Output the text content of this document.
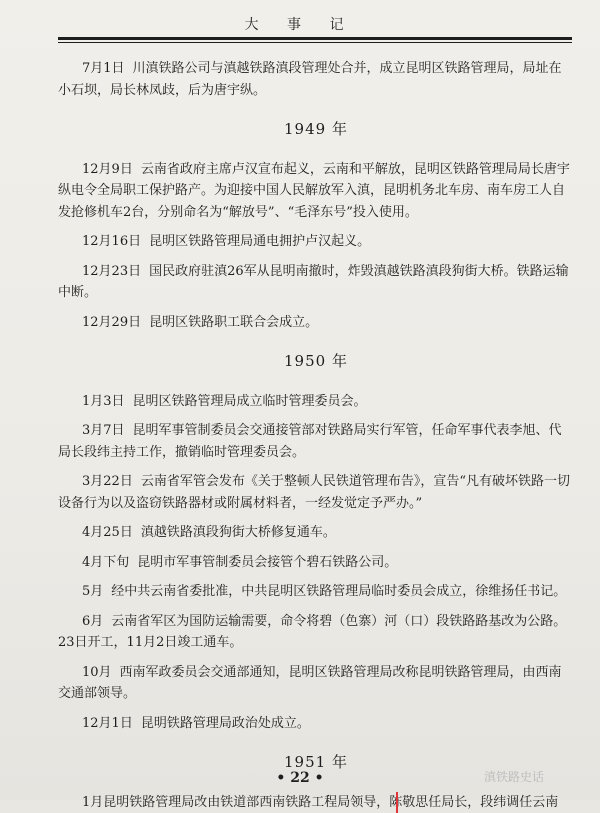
大 事 记

7月1日 川滇铁路公司与滇越铁路滇段管理处合并，成立昆明区铁路管理局，局址在小石坝，局长林凤歧，后为唐宇纵。

1949 年

12月9日 云南省政府主席卢汉宣布起义，云南和平解放，昆明区铁路管理局局长唐宇纵电令全局职工保护路产。为迎接中国人民解放军入滇，昆明机务北车房、南车房工人自发抢修机车2台，分别命名为“解放号”、“毛泽东号”投入使用。

12月16日 昆明区铁路管理局通电拥护卢汉起义。

12月23日 国民政府驻滇26军从昆明南撤时，炸毁滇越铁路滇段狗街大桥。铁路运输中断。

12月29日 昆明区铁路职工联合会成立。

1950 年

1月3日 昆明区铁路管理局成立临时管理委员会。

3月7日 昆明军事管制委员会交通接管部对铁路局实行军管，任命军事代表李旭、代局长段纬主持工作，撤销临时管理委员会。

3月22日 云南省军管会发布《关于整顿人民铁道管理布告》，宣告“凡有破坏铁路一切设备行为以及盗窃铁路器材或附属材料者，一经发觉定予严办。”

4月25日 滇越铁路滇段狗街大桥修复通车。

4月下旬 昆明市军事管制委员会接管个碧石铁路公司。

5月 经中共云南省委批准，中共昆明区铁路管理局临时委员会成立，徐维扬任书记。

6月 云南省军区为国防运输需要，命令将碧（色寨）河（口）段铁路路基改为公路。23日开工，11月2日竣工通车。

10月 西南军政委员会交通部通知，昆明区铁路管理局改称昆明铁路管理局，由西南交通部领导。

12月1日 昆明铁路管理局政治处成立。

1951 年

1月昆明铁路管理局改由铁道部西南铁路工程局领导，陈敬思任局长，段纬调任云南

• 22 •	滇铁路史话
